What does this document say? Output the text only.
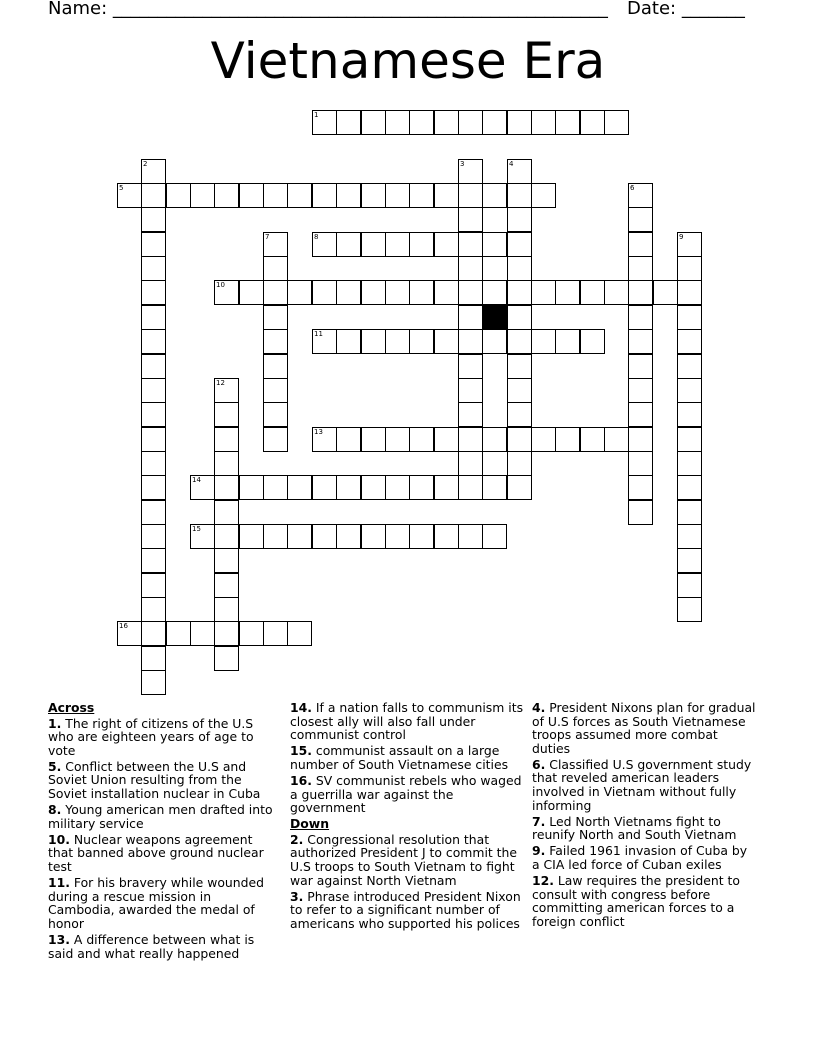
Name: _______________________________________________________ Date: _______
Vietnamese Era
1
5
8
10
11
13
14
15
16
2	3	4
6
7	9
12
Across
1. The right of citizens of the U.S who are eighteen years of age to vote
5. Conflict between the U.S and Soviet Union resulting from the Soviet installation nuclear in Cuba
8. Young american men drafted into military service
10. Nuclear weapons agreement that banned above ground nuclear test
11. For his bravery while wounded during a rescue mission in Cambodia, awarded the medal of honor
13. A difference between what is said and what really happened
14. If a nation falls to communism its closest ally will also fall under communist control
15. communist assault on a large number of South Vietnamese cities
16. SV communist rebels who waged a guerrilla war against the government
Down
2. Congressional resolution that authorized President J to commit the U.S troops to South Vietnam to fight war against North Vietnam
3. Phrase introduced President Nixon to refer to a significant number of americans who supported his polices
4. President Nixons plan for gradual of U.S forces as South Vietnamese troops assumed more combat duties
6. Classified U.S government study that reveled american leaders involved in Vietnam without fully informing
7. Led North Vietnams fight to reunify North and South Vietnam
9. Failed 1961 invasion of Cuba by a CIA led force of Cuban exiles
12. Law requires the president to consult with congress before committing american forces to a foreign conflict
